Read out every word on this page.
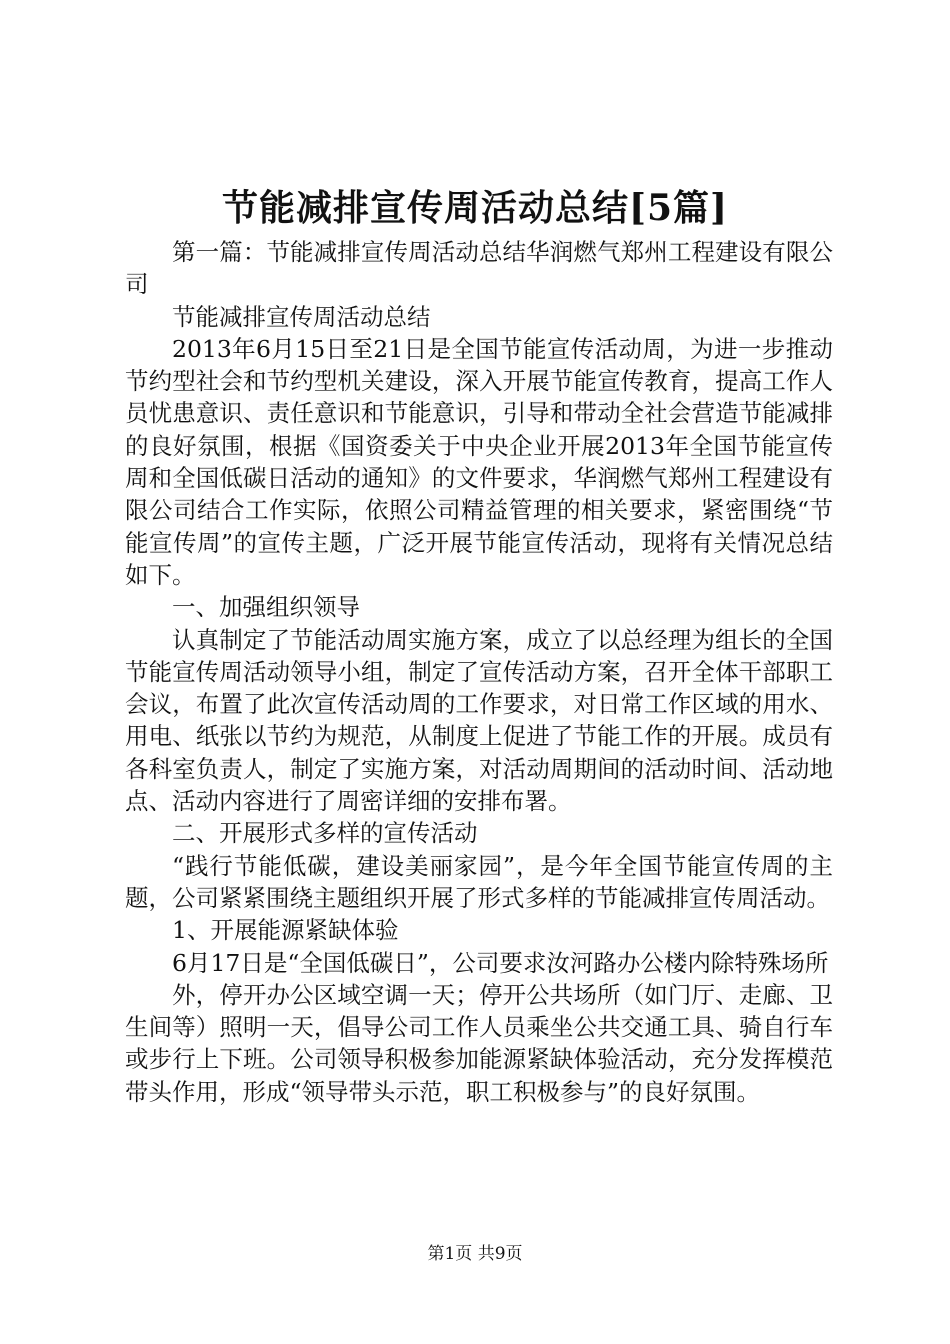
节能减排宣传周活动总结[5篇]

第一篇：节能减排宣传周活动总结华润燃气郑州工程建设有限公司

节能减排宣传周活动总结

2013年6月15日至21日是全国节能宣传活动周，为进一步推动节约型社会和节约型机关建设，深入开展节能宣传教育，提高工作人员忧患意识、责任意识和节能意识，引导和带动全社会营造节能减排的良好氛围，根据《国资委关于中央企业开展2013年全国节能宣传周和全国低碳日活动的通知》的文件要求，华润燃气郑州工程建设有限公司结合工作实际，依照公司精益管理的相关要求，紧密围绕“节能宣传周”的宣传主题，广泛开展节能宣传活动，现将有关情况总结如下。

一、加强组织领导

认真制定了节能活动周实施方案，成立了以总经理为组长的全国节能宣传周活动领导小组，制定了宣传活动方案，召开全体干部职工会议，布置了此次宣传活动周的工作要求，对日常工作区域的用水、用电、纸张以节约为规范，从制度上促进了节能工作的开展。成员有各科室负责人，制定了实施方案，对活动周期间的活动时间、活动地点、活动内容进行了周密详细的安排布署。

二、开展形式多样的宣传活动

“践行节能低碳，建设美丽家园”，是今年全国节能宣传周的主题，公司紧紧围绕主题组织开展了形式多样的节能减排宣传周活动。

1、开展能源紧缺体验

6月17日是“全国低碳日”，公司要求汝河路办公楼内除特殊场所

外，停开办公区域空调一天；停开公共场所（如门厅、走廊、卫生间等）照明一天，倡导公司工作人员乘坐公共交通工具、骑自行车或步行上下班。公司领导积极参加能源紧缺体验活动，充分发挥模范带头作用，形成“领导带头示范，职工积极参与”的良好氛围。

第1页 共9页
